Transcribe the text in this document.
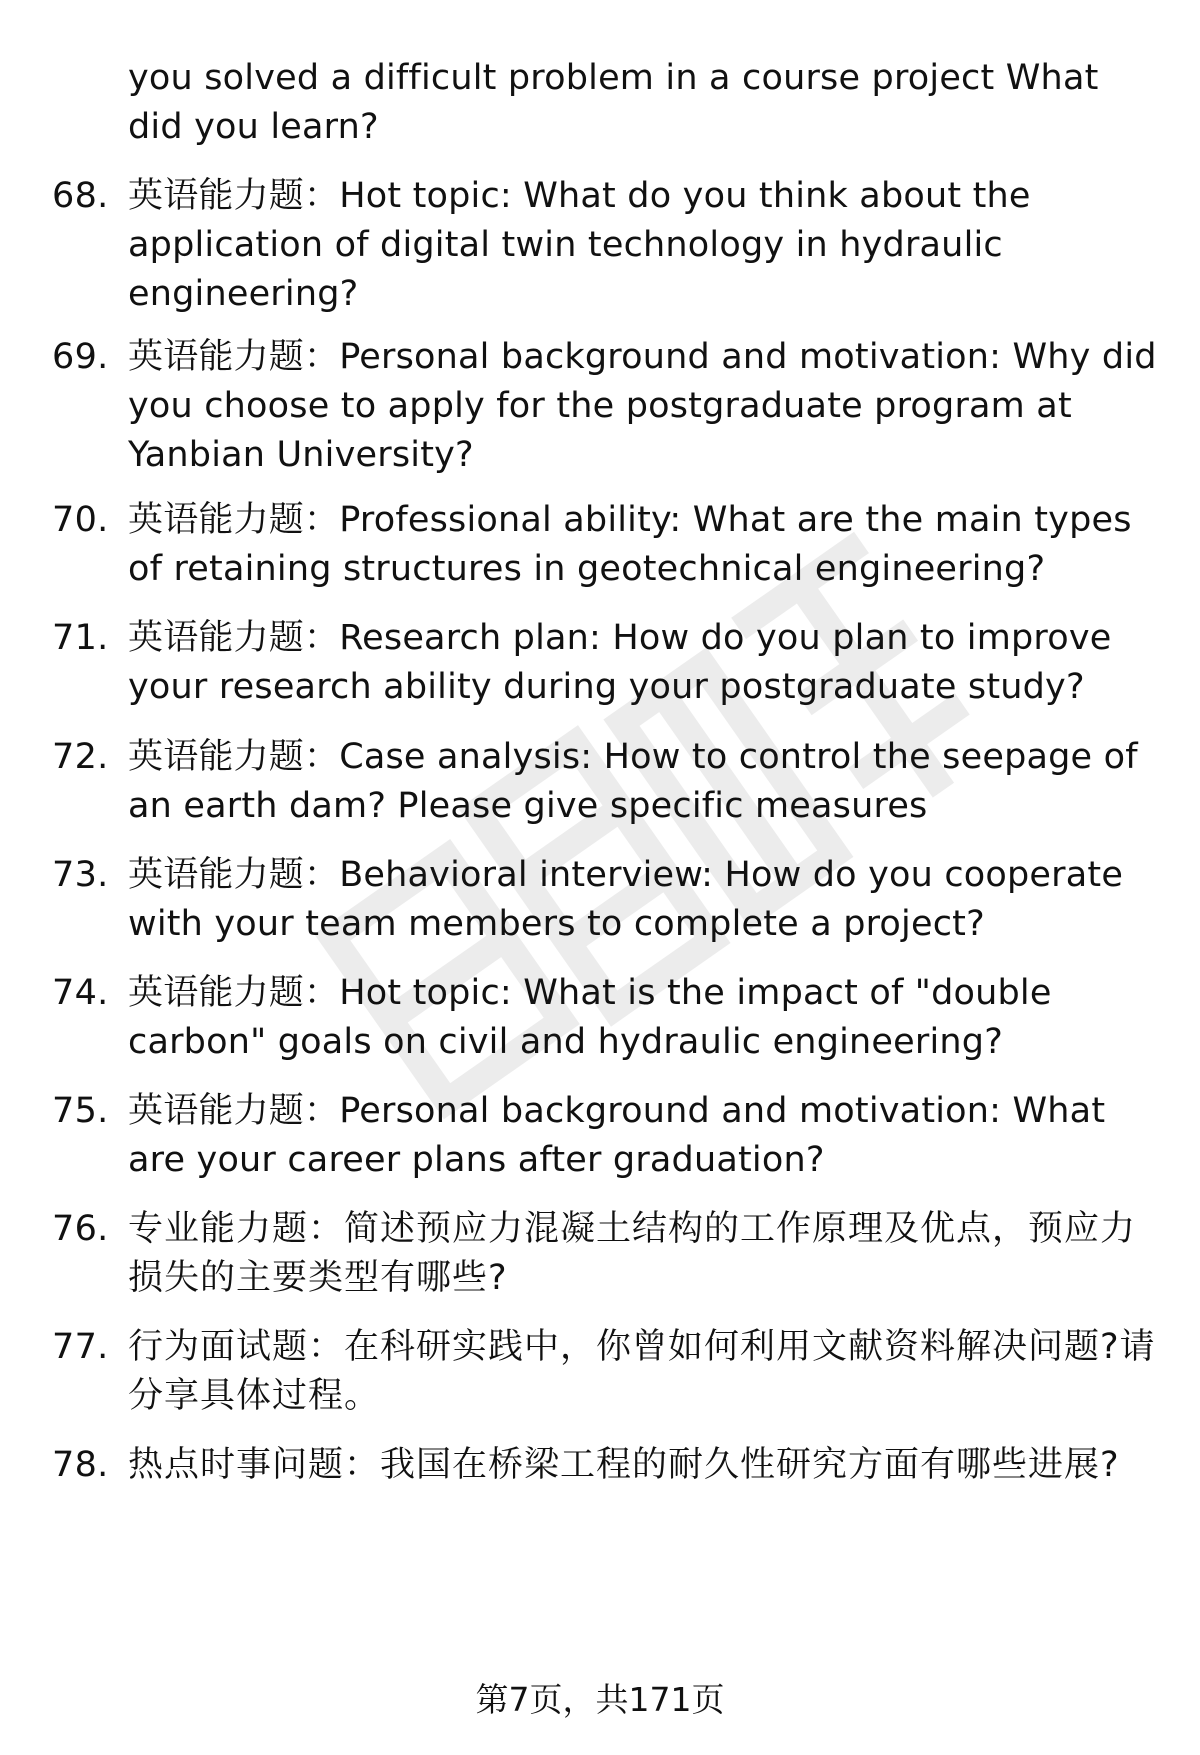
you solved a difficult problem in a course project What did you learn?
68. 英语能力题：Hot topic: What do you think about the application of digital twin technology in hydraulic engineering?
69. 英语能力题：Personal background and motivation: Why did you choose to apply for the postgraduate program at Yanbian University?
70. 英语能力题：Professional ability: What are the main types of retaining structures in geotechnical engineering?
71. 英语能力题：Research plan: How do you plan to improve your research ability during your postgraduate study?
72. 英语能力题：Case analysis: How to control the seepage of an earth dam? Please give specific measures
73. 英语能力题：Behavioral interview: How do you cooperate with your team members to complete a project?
74. 英语能力题：Hot topic: What is the impact of "double carbon" goals on civil and hydraulic engineering?
75. 英语能力题：Personal background and motivation: What are your career plans after graduation?
76. 专业能力题：简述预应力混凝土结构的工作原理及优点，预应力损失的主要类型有哪些?
77. 行为面试题：在科研实践中，你曾如何利用文献资料解决问题?请分享具体过程。
78. 热点时事问题：我国在桥梁工程的耐久性研究方面有哪些进展?
第7页，共171页
